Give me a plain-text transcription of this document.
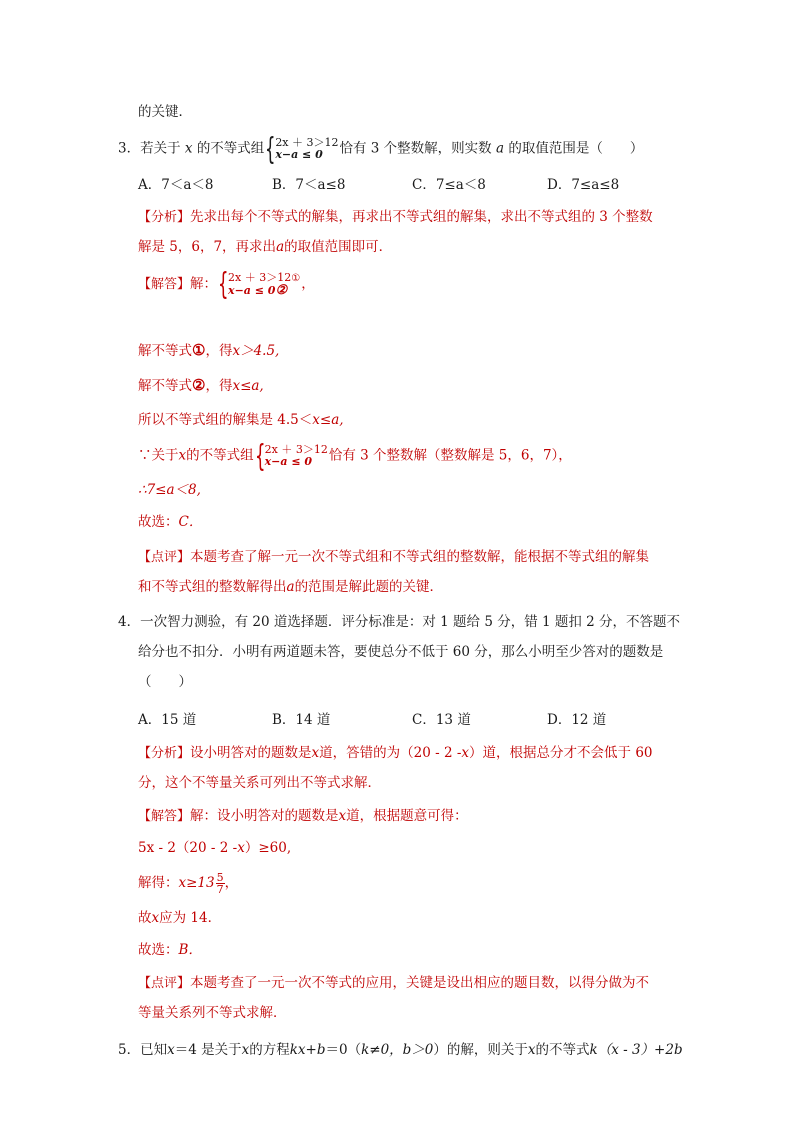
的关键．
3．若关于 x 的不等式组 { 2x ＋ 3＞12
x−a ≤ 0	恰有 3 个整数解，则实数 a 的取值范围是（　　）
A．7＜a＜8	B．7＜a≤8	C．7≤a＜8	D．7≤a≤8
【分析】先求出每个不等式的解集，再求出不等式组的解集，求出不等式组的 3 个整数
解是 5，6，7，再求出a的取值范围即可．
【解答】解： { 2x ＋ 3＞12①
x−a ≤ 0②	，
解不等式①，得x＞4.5,
解不等式②，得x≤a,
所以不等式组的解集是 4.5＜x≤a,
∵关于x的不等式组 { 2x ＋ 3＞12
x−a ≤ 0	恰有 3 个整数解（整数解是 5，6，7），
∴7≤a＜8,
故选：C．
【点评】本题考查了解一元一次不等式组和不等式组的整数解，能根据不等式组的解集
和不等式组的整数解得出a的范围是解此题的关键．
4．一次智力测验，有 20 道选择题．评分标准是：对 1 题给 5 分，错 1 题扣 2 分，不答题不
给分也不扣分．小明有两道题未答，要使总分不低于 60 分，那么小明至少答对的题数是
（　　）
A．15 道	B．14 道	C．13 道	D．12 道
【分析】设小明答对的题数是x道，答错的为（20 - 2 -x）道，根据总分才不会低于 60
分，这个不等量关系可列出不等式求解．
【解答】解：设小明答对的题数是x道，根据题意可得：
5x - 2（20 - 2 -x）≥60,
解得：$x\ge 13 \frac{5}{7}$ ，
故x应为 14．
故选：B．
【点评】本题考查了一元一次不等式的应用，关键是设出相应的题目数，以得分做为不
等量关系列不等式求解．
5．已知x＝4 是关于x的方程kx+b＝0（k≠0，b＞0）的解，则关于x的不等式k（x - 3）+2b
